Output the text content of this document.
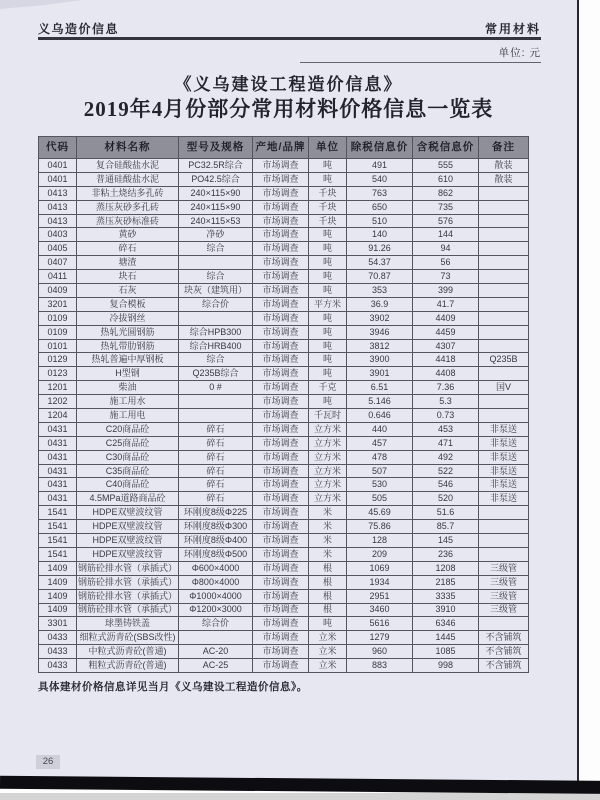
义乌造价信息	常用材料
单位: 元
《义乌建设工程造价信息》
2019年4月份部分常用材料价格信息一览表
代码	材料名称	型号及规格	产地/品牌	单位	除税信息价	含税信息价	备注
0401	复合硅酸盐水泥	PC32.5R综合	市场调查	吨	491	555	散装
0401	普通硅酸盐水泥	PO42.5综合	市场调查	吨	540	610	散装
0413	非粘土烧结多孔砖	240×115×90	市场调查	千块	763	862	
0413	蒸压灰砂多孔砖	240×115×90	市场调查	千块	650	735	
0413	蒸压灰砂标准砖	240×115×53	市场调查	千块	510	576	
0403	黄砂	净砂	市场调查	吨	140	144	
0405	碎石	综合	市场调查	吨	91.26	94	
0407	塘渣		市场调查	吨	54.37	56	
0411	块石	综合	市场调查	吨	70.87	73	
0409	石灰	块灰（建筑用）	市场调查	吨	353	399	
3201	复合模板	综合价	市场调查	平方米	36.9	41.7	
0109	冷拔钢丝		市场调查	吨	3902	4409	
0109	热轧光圆钢筋	综合HPB300	市场调查	吨	3946	4459	
0101	热轧带肋钢筋	综合HRB400	市场调查	吨	3812	4307	
0129	热轧普遍中厚钢板	综合	市场调查	吨	3900	4418	Q235B
0123	H型钢	Q235B综合	市场调查	吨	3901	4408	
1201	柴油	0 #	市场调查	千克	6.51	7.36	国V
1202	施工用水		市场调查	吨	5.146	5.3	
1204	施工用电		市场调查	千瓦时	0.646	0.73	
0431	C20商品砼	碎石	市场调查	立方米	440	453	非泵送
0431	C25商品砼	碎石	市场调查	立方米	457	471	非泵送
0431	C30商品砼	碎石	市场调查	立方米	478	492	非泵送
0431	C35商品砼	碎石	市场调查	立方米	507	522	非泵送
0431	C40商品砼	碎石	市场调查	立方米	530	546	非泵送
0431	4.5MPa道路商品砼	碎石	市场调查	立方米	505	520	非泵送
1541	HDPE双壁波纹管	环刚度8级Φ225	市场调查	米	45.69	51.6	
1541	HDPE双壁波纹管	环刚度8级Φ300	市场调查	米	75.86	85.7	
1541	HDPE双壁波纹管	环刚度8级Φ400	市场调查	米	128	145	
1541	HDPE双壁波纹管	环刚度8级Φ500	市场调查	米	209	236	
1409	钢筋砼排水管（承插式）	Φ600×4000	市场调查	根	1069	1208	三级管
1409	钢筋砼排水管（承插式）	Φ800×4000	市场调查	根	1934	2185	三级管
1409	钢筋砼排水管（承插式）	Φ1000×4000	市场调查	根	2951	3335	三级管
1409	钢筋砼排水管（承插式）	Φ1200×3000	市场调查	根	3460	3910	三级管
3301	球墨铸铁盖	综合价	市场调查	吨	5616	6346	
0433	细粒式沥青砼(SBS改性)		市场调查	立米	1279	1445	不含铺筑
0433	中粒式沥青砼(普通)	AC-20	市场调查	立米	960	1085	不含铺筑
0433	粗粒式沥青砼(普通)	AC-25	市场调查	立米	883	998	不含铺筑
具体建材价格信息详见当月《义乌建设工程造价信息》。
26
